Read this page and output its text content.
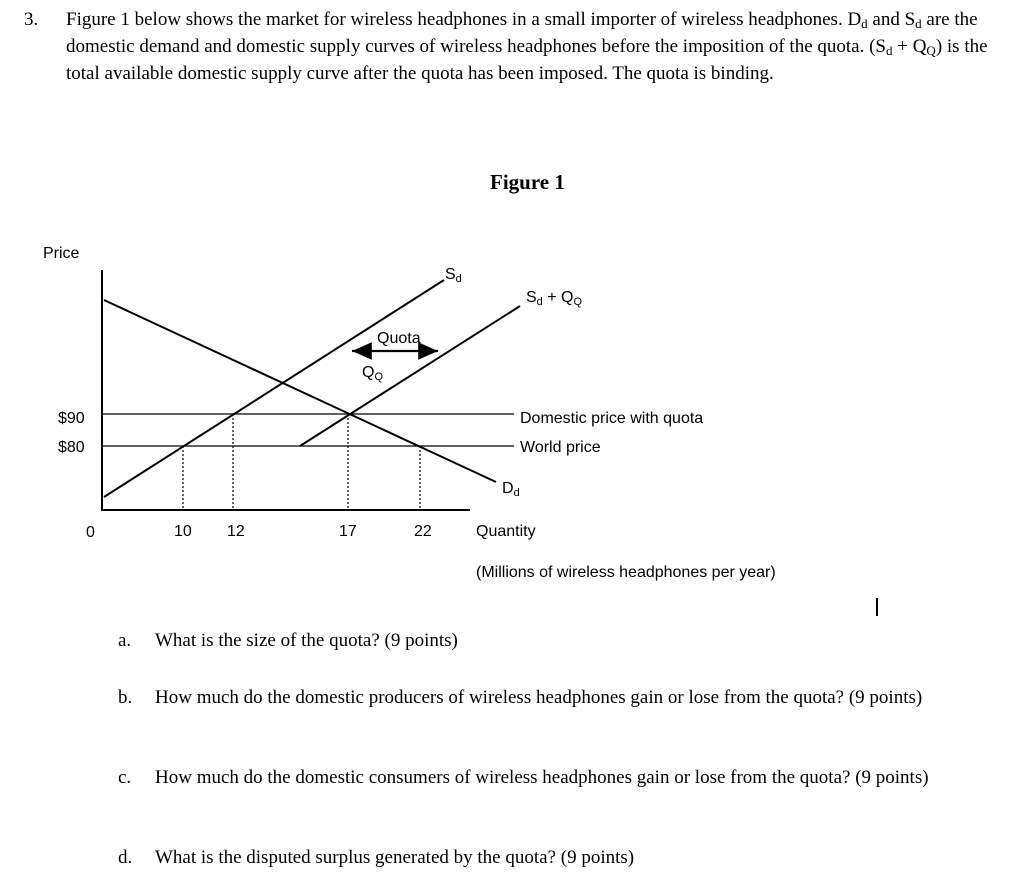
3. Figure 1 below shows the market for wireless headphones in a small importer of wireless headphones. $D_d$ and $S_d$ are the domestic demand and domestic supply curves of wireless headphones before the imposition of the quota. $(S_d + Q_Q)$ is the total available domestic supply curve after the quota has been imposed. The quota is binding.
Figure 1
Price
0	Quantity
(Millions of wireless headphones per year)
$90
$80
10 12	17	22
Domestic price with quota
World price
Sd
Sd + QQ
Dd
Quota
QQ
a. What is the size of the quota? (9 points)
b. How much do the domestic producers of wireless headphones gain or lose from the quota? (9 points)
c. How much do the domestic consumers of wireless headphones gain or lose from the quota? (9 points)
d. What is the disputed surplus generated by the quota? (9 points)
